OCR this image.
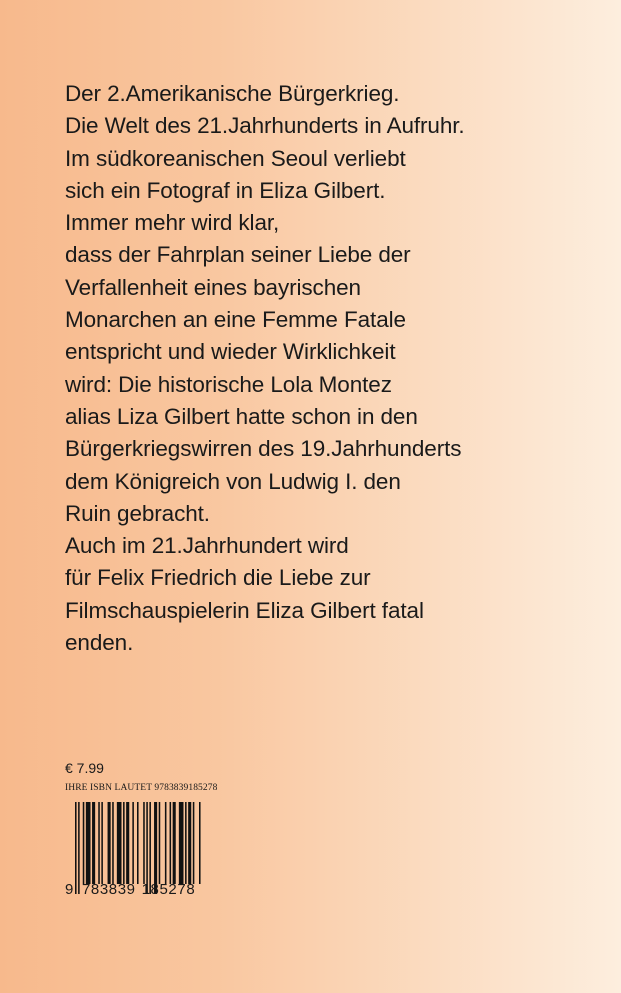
Der 2.Amerikanische Bürgerkrieg.
Die Welt des 21.Jahrhunderts in Aufruhr.
Im südkoreanischen Seoul verliebt
sich ein Fotograf in Eliza Gilbert.
Immer mehr wird klar,
dass der Fahrplan seiner Liebe der
Verfallenheit eines bayrischen
Monarchen an eine Femme Fatale
entspricht und wieder Wirklichkeit
wird: Die historische Lola Montez
alias Liza Gilbert hatte schon in den
Bürgerkriegswirren des 19.Jahrhunderts
dem Königreich von Ludwig I. den
Ruin gebracht.
Auch im 21.Jahrhundert wird
für Felix Friedrich die Liebe zur
Filmschauspielerin Eliza Gilbert fatal
enden.
€ 7.99
IHRE ISBN LAUTET 9783839185278
9 783839 185278
